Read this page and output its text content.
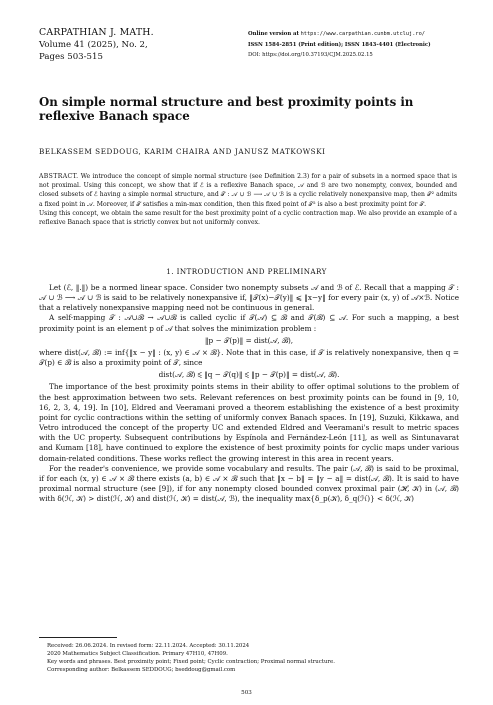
CARPATHIAN J. MATH.
Volume 41 (2025), No. 2,
Pages 503-515
Online version at https://www.carpathian.cunbm.utcluj.ro/
ISSN 1584-2851 (Print edition); ISSN 1843-4401 (Electronic)
DOI: https://doi.org/10.37193/CJM.2025.02.15
On simple normal structure and best proximity points in reflexive Banach space
BELKASSEM SEDDOUG, KARIM CHAIRA AND JANUSZ MATKOWSKI
ABSTRACT. We introduce the concept of simple normal structure (see Definition 2.3) for a pair of subsets in a normed space that is not proximal. Using this concept, we show that if ℰ is a reflexive Banach space, 𝒜 and ℬ are two nonempty, convex, bounded and closed subsets of ℰ having a simple normal structure, and 𝒯 : 𝒜 ∪ ℬ ⟶ 𝒜 ∪ ℬ is a cyclic relatively nonexpansive map, then 𝒯² admits a fixed point in 𝒜. Moreover, if 𝒯 satisfies a min-max condition, then this fixed point of 𝒯² is also a best proximity point for 𝒯.
Using this concept, we obtain the same result for the best proximity point of a cyclic contraction map. We also provide an example of a reflexive Banach space that is strictly convex but not uniformly convex.
1. INTRODUCTION AND PRELIMINARY

Let (ℰ, ‖.‖) be a normed linear space. Consider two nonempty subsets 𝒜 and ℬ of ℰ. Recall that a mapping 𝒯 : 𝒜 ∪ ℬ ⟶ 𝒜 ∪ ℬ is said to be relatively nonexpansive if, ‖𝒯(x)−𝒯(y)‖ ⩽ ‖x−y‖ for every pair (x, y) of 𝒜×ℬ. Notice that a relatively nonexpansive mapping need not be continuous in general.

A self-mapping 𝒯 : 𝒜∪ℬ → 𝒜∪ℬ is called cyclic if 𝒯(𝒜) ⊆ ℬ and 𝒯(ℬ) ⊆ 𝒜. For such a mapping, a best proximity point is an element p of 𝒜 that solves the minimization problem :

‖p − 𝒯(p)‖ = dist(𝒜, ℬ),

where dist(𝒜, ℬ) := inf{‖x − y‖ : (x, y) ∈ 𝒜 × ℬ}. Note that in this case, if 𝒯 is relatively nonexpansive, then q = 𝒯(p) ∈ ℬ is also a proximity point of 𝒯, since

dist(𝒜, ℬ) ⩽ ‖q − 𝒯(q)‖ ⩽ ‖p − 𝒯(p)‖ = dist(𝒜, ℬ).

The importance of the best proximity points stems in their ability to offer optimal solutions to the problem of the best approximation between two sets. Relevant references on best proximity points can be found in [9, 10, 16, 2, 3, 4, 19]. In [10], Eldred and Veeramani proved a theorem establishing the existence of a best proximity point for cyclic contractions within the setting of uniformly convex Banach spaces. In [19], Suzuki, Kikkawa, and Vetro introduced the concept of the property UC and extended Eldred and Veeramani's result to metric spaces with the UC property. Subsequent contributions by Espínola and Fernández-León [11], as well as Sintunavarat and Kumam [18], have continued to explore the existence of best proximity points for cyclic maps under various domain-related conditions. These works reflect the growing interest in this area in recent years.

For the reader's convenience, we provide some vocabulary and results. The pair (𝒜, ℬ) is said to be proximal, if for each (x, y) ∈ 𝒜 × ℬ there exists (a, b) ∈ 𝒜 × ℬ such that ‖x − b‖ = ‖y − a‖ = dist(𝒜, ℬ). It is said to have proximal normal structure (see [9]), if for any nonempty closed bounded convex proximal pair (ℋ, 𝒦) in (𝒜, ℬ) with δ(ℋ, 𝒦) > dist(ℋ, 𝒦) and dist(ℋ, 𝒦) = dist(𝒜, ℬ), the inequality max{δ_p(𝒦), δ_q(ℋ)} < δ(ℋ, 𝒦)

Received: 26.06.2024. In revised form: 22.11.2024. Accepted: 30.11.2024

2020 Mathematics Subject Classification. Primary 47H10, 47H09.

Key words and phrases. Best proximity point; Fixed point; Cyclic contraction; Proximal normal structure.

Corresponding author: Belkassem SEDDOUG; bseddoug@gmail.com

503
